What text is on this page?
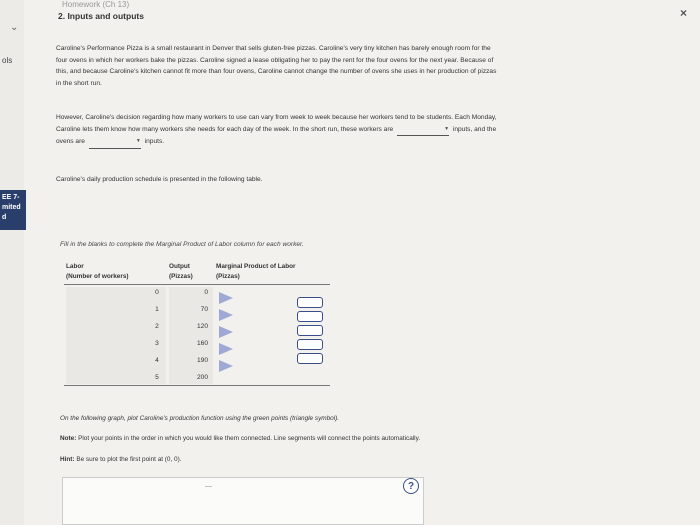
⌄
ols
EE 7-
mited
d
Homework (Ch 13)
2. Inputs and outputs	×
Caroline's Performance Pizza is a small restaurant in Denver that sells gluten-free pizzas. Caroline's very tiny kitchen has barely enough room for the
four ovens in which her workers bake the pizzas. Caroline signed a lease obligating her to pay the rent for the four ovens for the next year. Because of
this, and because Caroline's kitchen cannot fit more than four ovens, Caroline cannot change the number of ovens she uses in her production of pizzas
in the short run.
However, Caroline's decision regarding how many workers to use can vary from week to week because her workers tend to be students. Each Monday,
Caroline lets them know how many workers she needs for each day of the week. In the short run, these workers are	▼ inputs, and the
ovens are	▼ inputs.
Caroline's daily production schedule is presented in the following table.
Fill in the blanks to complete the Marginal Product of Labor column for each worker.
Labor
(Number of workers)
Output
(Pizzas)
Marginal Product of Labor
(Pizzas)
0	0
1	70
2	120
3	160
4	190
5	200
On the following graph, plot Caroline's production function using the green points (triangle symbol).
Note: Plot your points in the order in which you would like them connected. Line segments will connect the points automatically.
Hint: Be sure to plot the first point at (0, 0).
—	?
